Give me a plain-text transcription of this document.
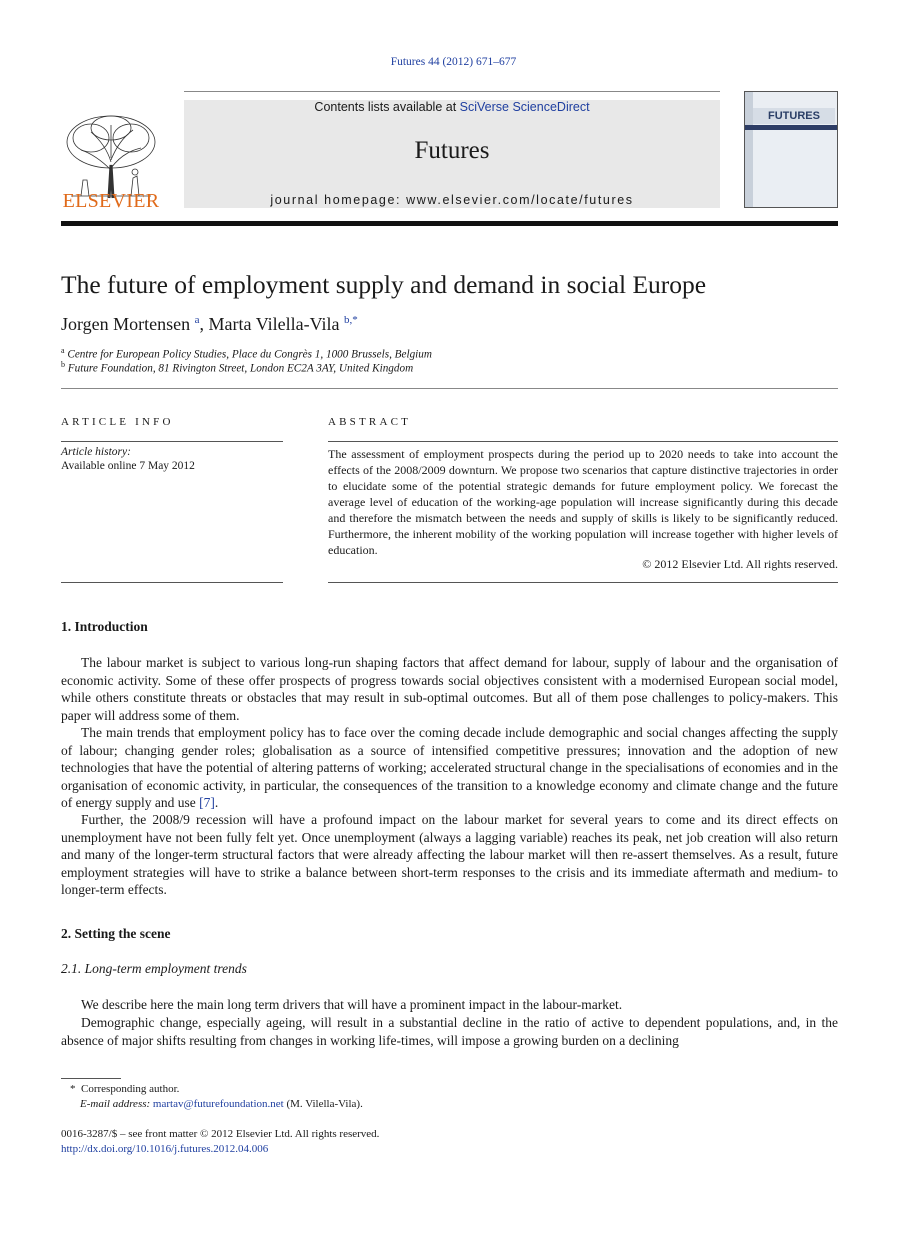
Futures 44 (2012) 671–677
ELSEVIER
Contents lists available at SciVerse ScienceDirect
Futures
journal homepage: www.elsevier.com/locate/futures
FUTURES
The future of employment supply and demand in social Europe
Jorgen Mortensen $^a$, Marta Vilella-Vila $^{b,*}$
$^a$ Centre for European Policy Studies, Place du Congrès 1, 1000 Brussels, Belgium
$^b$ Future Foundation, 81 Rivington Street, London EC2A 3AY, United Kingdom
ARTICLE INFO	ABSTRACT
Article history:
Available online 7 May 2012
The assessment of employment prospects during the period up to 2020 needs to take into account the effects of the 2008/2009 downturn. We propose two scenarios that capture distinctive trajectories in order to elucidate some of the potential strategic demands for future employment policy. We forecast the average level of education of the working-age population will increase significantly during this decade and therefore the mismatch between the needs and supply of skills is likely to be significantly reduced. Furthermore, the inherent mobility of the working population will increase together with higher levels of education.
© 2012 Elsevier Ltd. All rights reserved.
1. Introduction
The labour market is subject to various long-run shaping factors that affect demand for labour, supply of labour and the organisation of economic activity. Some of these offer prospects of progress towards social objectives consistent with a modernised European social model, while others constitute threats or obstacles that may result in sub-optimal outcomes. But all of them pose challenges to policy-makers. This paper will address some of them.
The main trends that employment policy has to face over the coming decade include demographic and social changes affecting the supply of labour; changing gender roles; globalisation as a source of intensified competitive pressures; innovation and the adoption of new technologies that have the potential of altering patterns of working; accelerated structural change in the specialisations of economies and in the organisation of economic activity, in particular, the consequences of the transition to a knowledge economy and climate change and the future of energy supply and use [7].
Further, the 2008/9 recession will have a profound impact on the labour market for several years to come and its direct effects on unemployment have not been fully felt yet. Once unemployment (always a lagging variable) reaches its peak, net job creation will also return and many of the longer-term structural factors that were already affecting the labour market will then re-assert themselves. As a result, future employment strategies will have to strike a balance between short-term responses to the crisis and its immediate aftermath and medium- to longer-term effects.
2. Setting the scene
2.1. Long-term employment trends
We describe here the main long term drivers that will have a prominent impact in the labour-market.
Demographic change, especially ageing, will result in a substantial decline in the ratio of active to dependent populations, and, in the absence of major shifts resulting from changes in working life-times, will impose a growing burden on a declining
* Corresponding author.
E-mail address: martav@futurefoundation.net (M. Vilella-Vila).
0016-3287/$ – see front matter © 2012 Elsevier Ltd. All rights reserved.
http://dx.doi.org/10.1016/j.futures.2012.04.006
